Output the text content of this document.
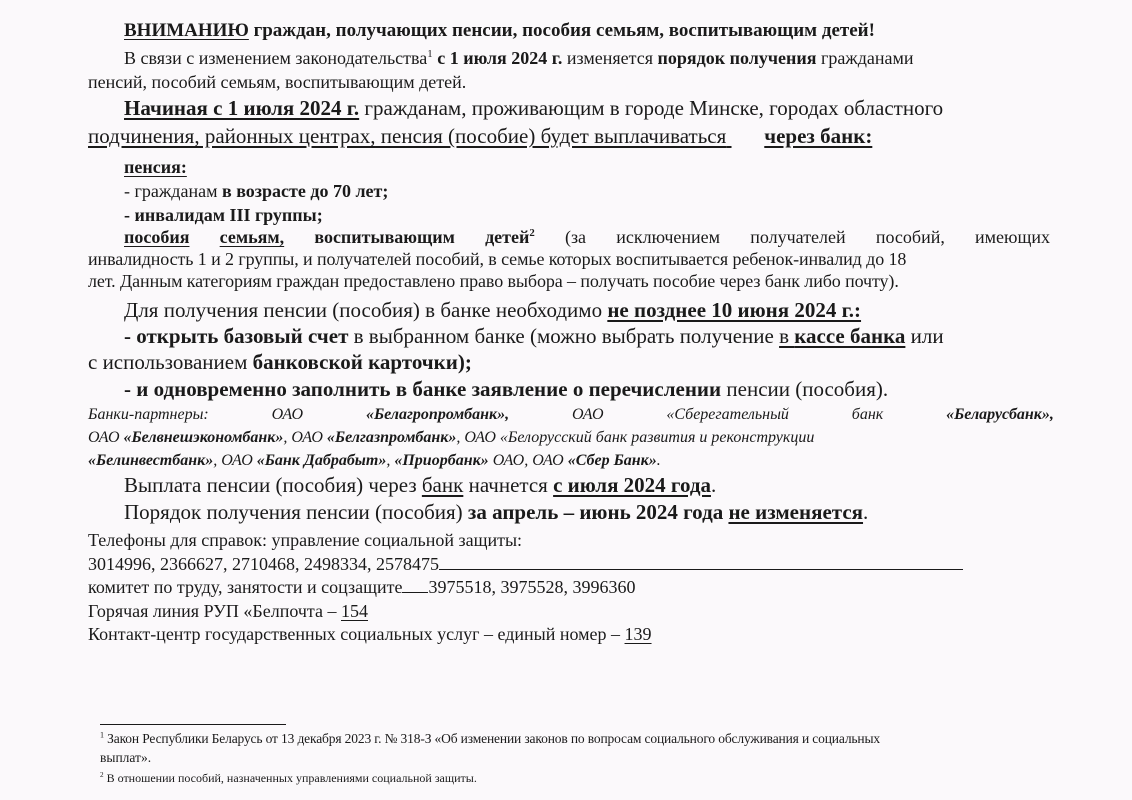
ВНИМАНИЮ граждан, получающих пенсии, пособия семьям, воспитывающим детей!
В связи с изменением законодательства$^1$ с 1 июля 2024 г. изменяется порядок получения гражданами
пенсий, пособий семьям, воспитывающим детей.
Начиная с 1 июля 2024 г. гражданам, проживающим в городе Минске, городах областного
подчинения, районных центрах, пенсия (пособие) будет выплачиваться через банк:
пенсия:
- гражданам в возрасте до 70 лет;
- инвалидам III группы;
пособия семьям, воспитывающим детей$^2$ (за исключением получателей пособий, имеющих
инвалидность 1 и 2 группы, и получателей пособий, в семье которых воспитывается ребенок-инвалид до 18
лет. Данным категориям граждан предоставлено право выбора – получать пособие через банк либо почту).
Для получения пенсии (пособия) в банке необходимо не позднее 10 июня 2024 г.:
- открыть базовый счет в выбранном банке (можно выбрать получение в кассе банка или
с использованием банковской карточки);
- и одновременно заполнить в банке заявление о перечислении пенсии (пособия).
Банки-партнеры:	ОАО	«Белагропромбанк»,	ОАО	«Сберегательный	банк	«Беларусбанк»,
ОАО «Белвнешэкономбанк», ОАО «Белгазпромбанк», ОАО «Белорусский банк развития и реконструкции
«Белинвестбанк», ОАО «Банк Дабрабыт», «Приорбанк» ОАО, ОАО «Сбер Банк».
Выплата пенсии (пособия) через банк начнется с июля 2024 года.
Порядок получения пенсии (пособия) за апрель – июнь 2024 года не изменяется.
Телефоны для справок: управление социальной защиты:
3014996, 2366627, 2710468, 2498334, 2578475
комитет по труду, занятости и соцзащите 3975518, 3975528, 3996360
Горячая линия РУП «Белпочта – 154
Контакт-центр государственных социальных услуг – единый номер – 139
$^1$ Закон Республики Беларусь от 13 декабря 2023 г. № 318-З «Об изменении законов по вопросам социального обслуживания и социальных
выплат».
$^2$ В отношении пособий, назначенных управлениями социальной защиты.
